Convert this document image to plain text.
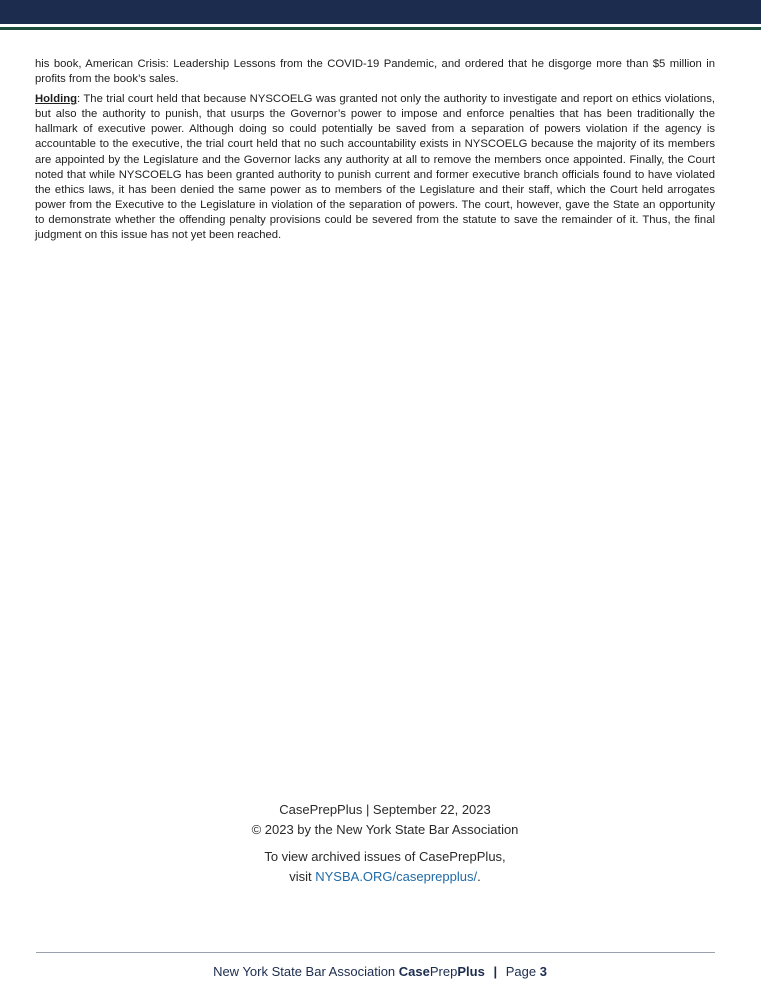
his book, American Crisis: Leadership Lessons from the COVID-19 Pandemic, and ordered that he disgorge more than $5 million in profits from the book’s sales.

Holding: The trial court held that because NYSCOELG was granted not only the authority to investigate and report on ethics violations, but also the authority to punish, that usurps the Governor’s power to impose and enforce penalties that has been traditionally the hallmark of executive power. Although doing so could potentially be saved from a separation of powers violation if the agency is accountable to the executive, the trial court held that no such accountability exists in NYSCOELG because the majority of its members are appointed by the Legislature and the Governor lacks any authority at all to remove the members once appointed. Finally, the Court noted that while NYSCOELG has been granted authority to punish current and former executive branch officials found to have violated the ethics laws, it has been denied the same power as to members of the Legislature and their staff, which the Court held arrogates power from the Executive to the Legislature in violation of the separation of powers. The court, however, gave the State an opportunity to demonstrate whether the offending penalty provisions could be severed from the statute to save the remainder of it. Thus, the final judgment on this issue has not yet been reached.

CasePrepPlus | September 22, 2023
© 2023 by the New York State Bar Association
To view archived issues of CasePrepPlus,
visit NYSBA.ORG/caseprepplus/.
New York State Bar Association CasePrepPlus | Page 3
